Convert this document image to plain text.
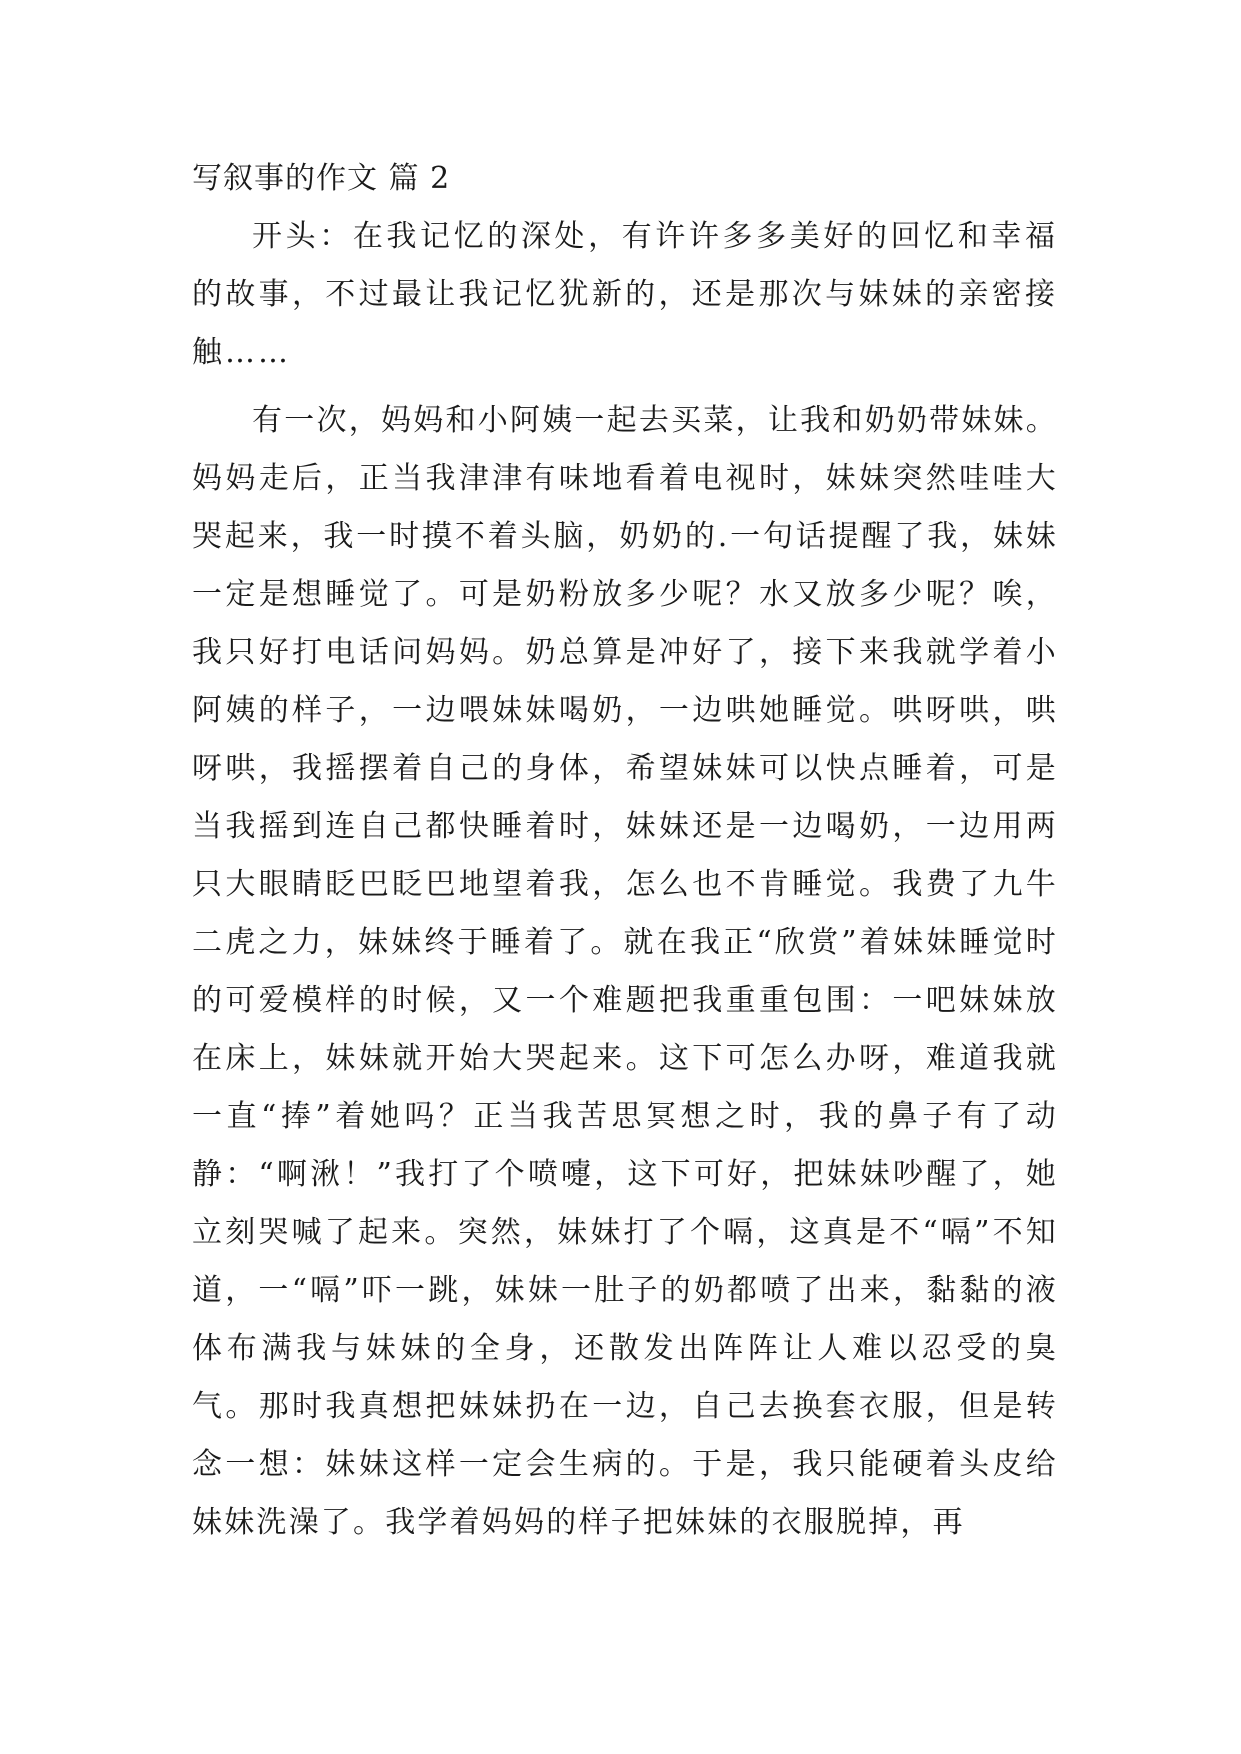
写叙事的作文 篇 2

开头：在我记忆的深处，有许许多多美好的回忆和幸福的故事，不过最让我记忆犹新的，还是那次与妹妹的亲密接触……

有一次，妈妈和小阿姨一起去买菜，让我和奶奶带妹妹。妈妈走后，正当我津津有味地看着电视时，妹妹突然哇哇大哭起来，我一时摸不着头脑，奶奶的.一句话提醒了我，妹妹一定是想睡觉了。可是奶粉放多少呢？水又放多少呢？唉，我只好打电话问妈妈。奶总算是冲好了，接下来我就学着小阿姨的样子，一边喂妹妹喝奶，一边哄她睡觉。哄呀哄，哄呀哄，我摇摆着自己的身体，希望妹妹可以快点睡着，可是当我摇到连自己都快睡着时，妹妹还是一边喝奶，一边用两只大眼睛眨巴眨巴地望着我，怎么也不肯睡觉。我费了九牛二虎之力，妹妹终于睡着了。就在我正“欣赏”着妹妹睡觉时的可爱模样的时候，又一个难题把我重重包围：一吧妹妹放在床上，妹妹就开始大哭起来。这下可怎么办呀，难道我就一直“捧”着她吗？正当我苦思冥想之时，我的鼻子有了动静：“啊湫！”我打了个喷嚏，这下可好，把妹妹吵醒了，她立刻哭喊了起来。突然，妹妹打了个嗝，这真是不“嗝”不知道，一“嗝”吓一跳，妹妹一肚子的奶都喷了出来，黏黏的液体布满我与妹妹的全身，还散发出阵阵让人难以忍受的臭气。那时我真想把妹妹扔在一边，自己去换套衣服，但是转念一想：妹妹这样一定会生病的。于是，我只能硬着头皮给妹妹洗澡了。我学着妈妈的样子把妹妹的衣服脱掉，再
